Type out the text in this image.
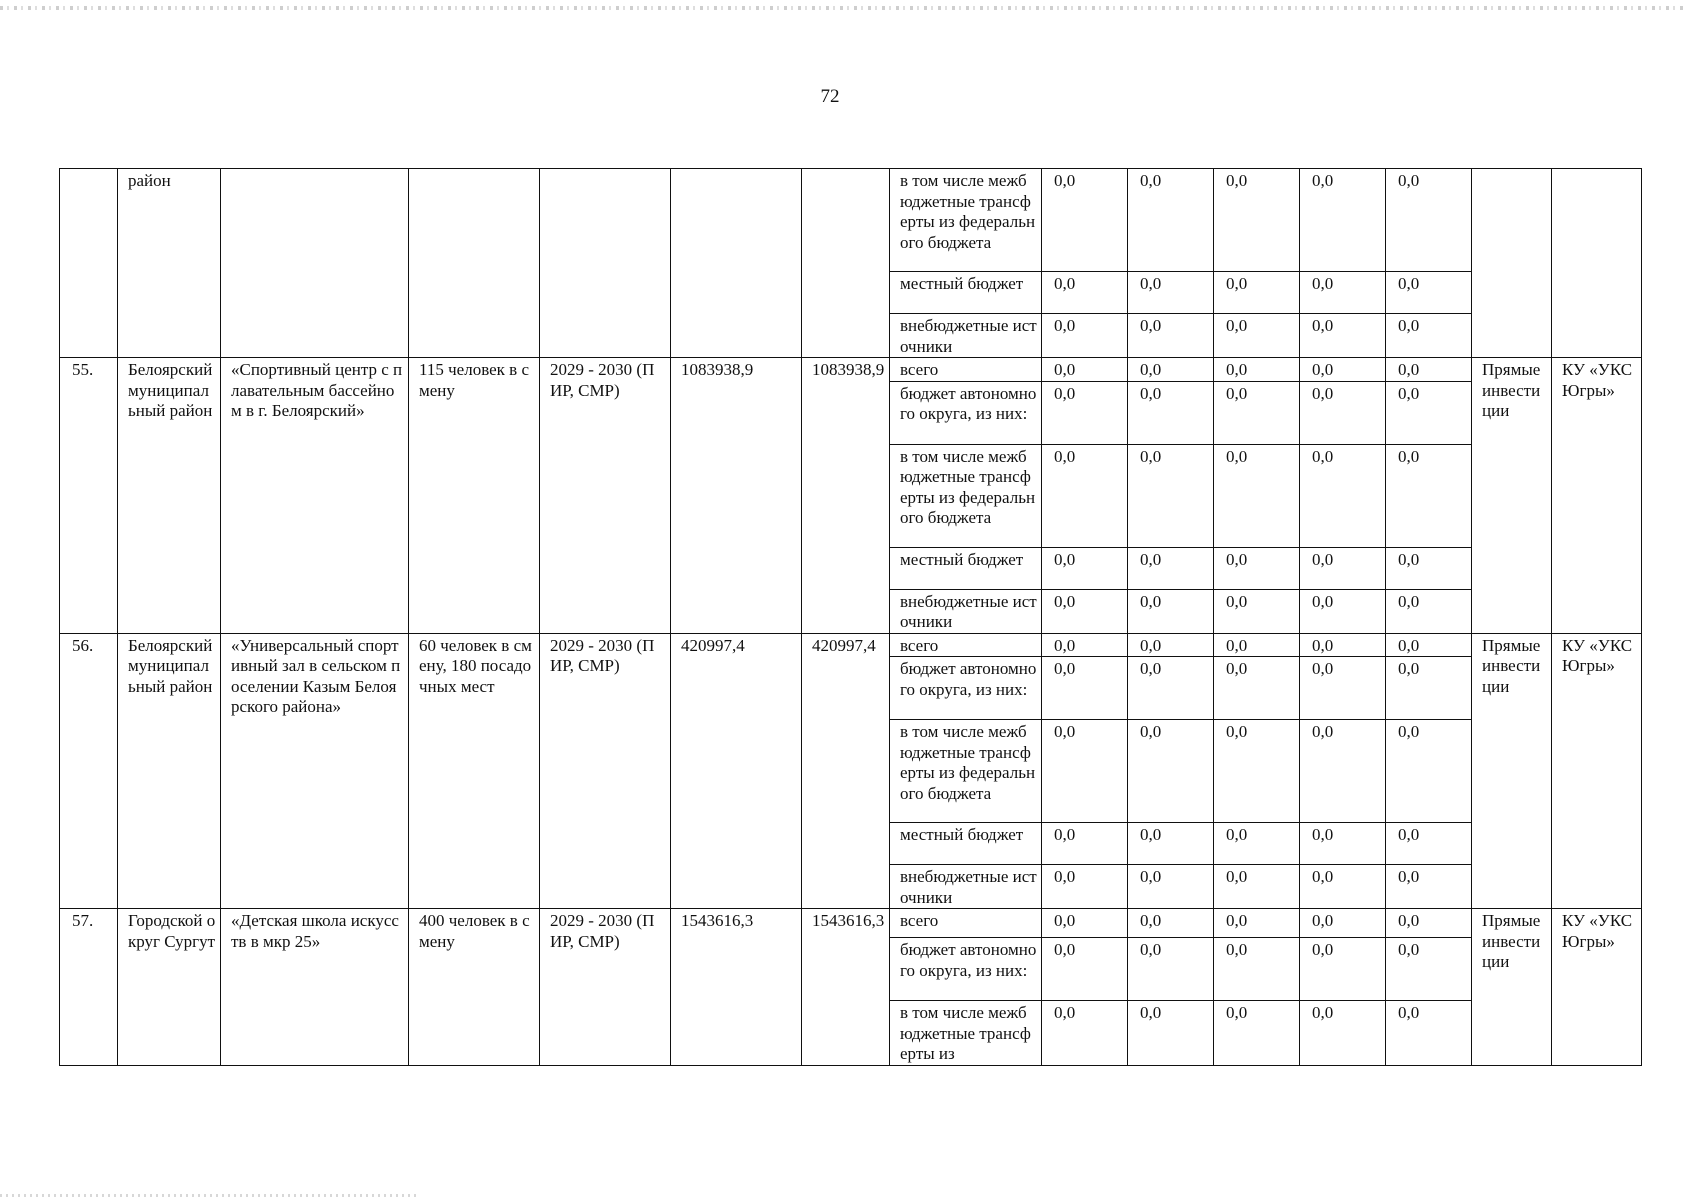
72
	район						в том числе межбюджетные трансферты из федерального бюджета	0,0	0,0	0,0	0,0	0,0		
							местный бюджет	0,0	0,0	0,0	0,0	0,0		
							внебюджетные источники	0,0	0,0	0,0	0,0	0,0		
55.	Белоярский муниципальный район	«Спортивный центр с плавательным бассейном в г. Белоярский»	115 человек в смену	2029 - 2030 (ПИР, СМР)	1083938,9	1083938,9	всего	0,0	0,0	0,0	0,0	0,0	Прямые инвестиции	КУ «УКС Югры»
							бюджет автономного округа, из них:	0,0	0,0	0,0	0,0	0,0		
							в том числе межбюджетные трансферты из федерального бюджета	0,0	0,0	0,0	0,0	0,0		
							местный бюджет	0,0	0,0	0,0	0,0	0,0		
							внебюджетные источники	0,0	0,0	0,0	0,0	0,0		
56.	Белоярский муниципальный район	«Универсальный спортивный зал в сельском поселении Казым Белоярского района»	60 человек в смену, 180 посадочных мест	2029 - 2030 (ПИР, СМР)	420997,4	420997,4	всего	0,0	0,0	0,0	0,0	0,0	Прямые инвестиции	КУ «УКС Югры»
							бюджет автономного округа, из них:	0,0	0,0	0,0	0,0	0,0		
							в том числе межбюджетные трансферты из федерального бюджета	0,0	0,0	0,0	0,0	0,0		
							местный бюджет	0,0	0,0	0,0	0,0	0,0		
							внебюджетные источники	0,0	0,0	0,0	0,0	0,0		
57.	Городской округ Сургут	«Детская школа искусств в мкр 25»	400 человек в смену	2029 - 2030 (ПИР, СМР)	1543616,3	1543616,3	всего	0,0	0,0	0,0	0,0	0,0	Прямые инвестиции	КУ «УКС Югры»
							бюджет автономного округа, из них:	0,0	0,0	0,0	0,0	0,0		
							в том числе межбюджетные трансферты из	0,0	0,0	0,0	0,0	0,0		
